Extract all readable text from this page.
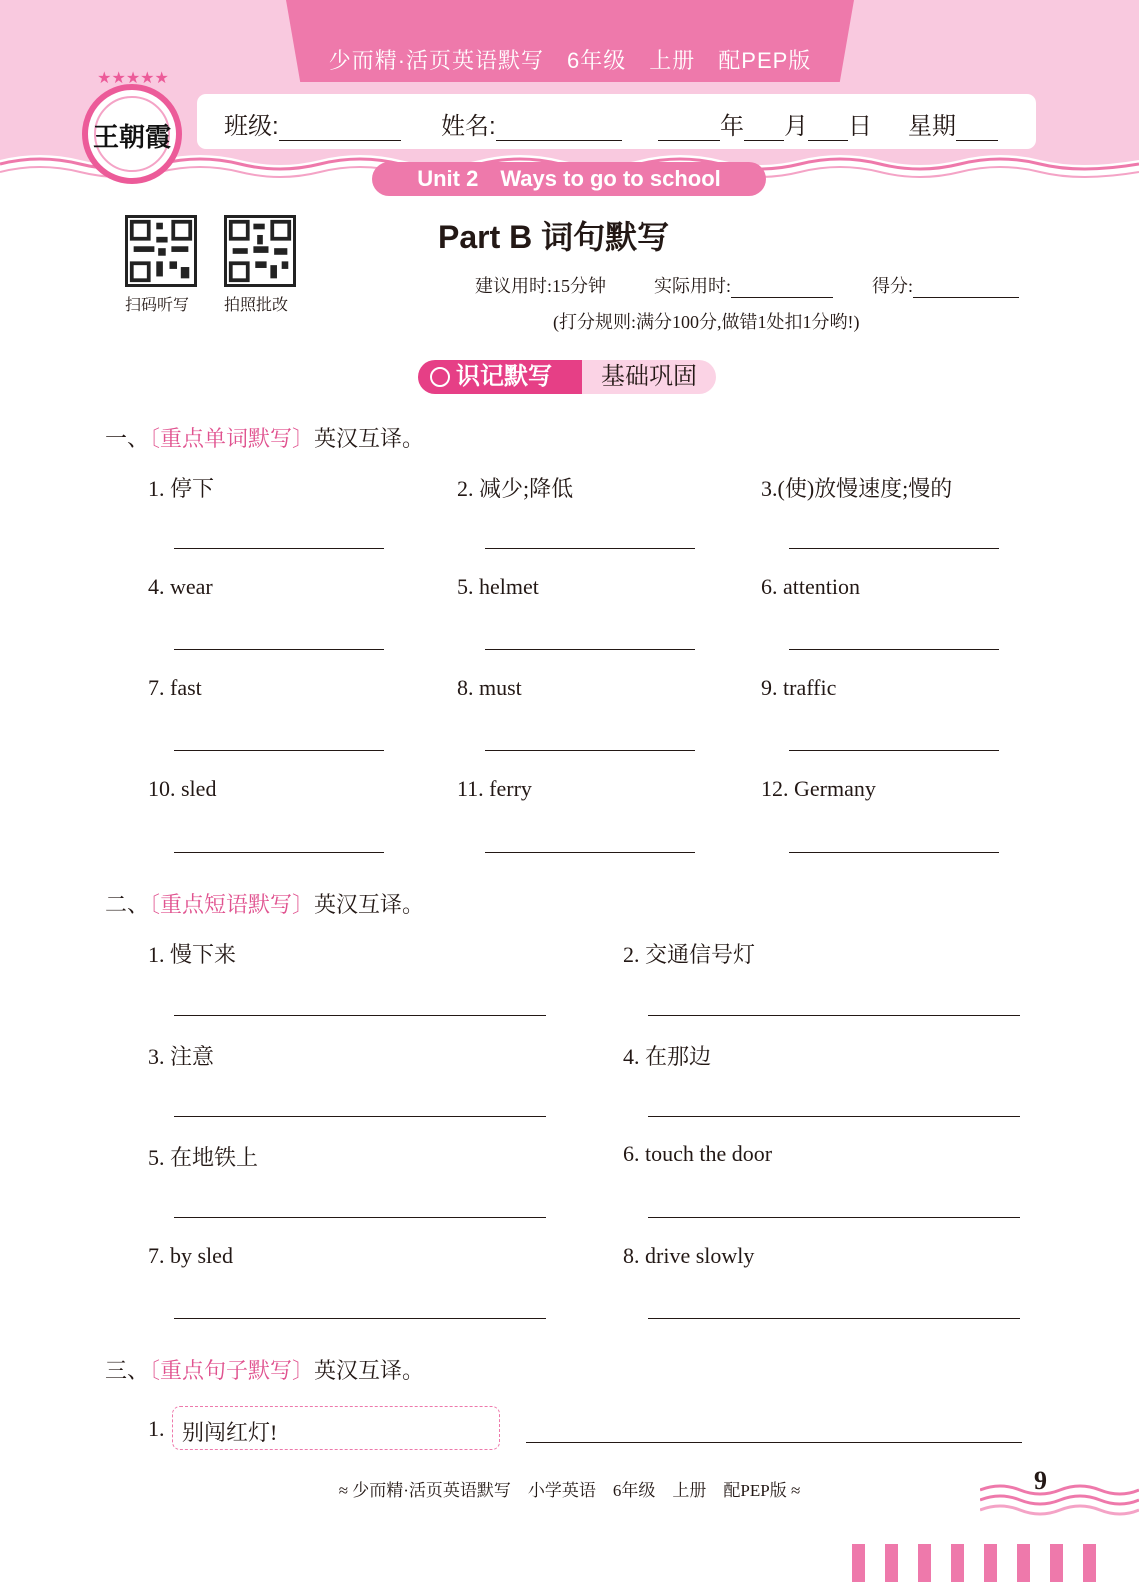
少而精·活页英语默写　6年级　上册　配PEP版
班级:	姓名:	年 月 日 星期
Unit 2　Ways to go to school
★★★★★
王朝霞
扫码听写 拍照批改
Part B 词句默写
建议用时:15分钟	实际用时:	得分:
(打分规则:满分100分,做错1处扣1分哟!)
识记默写	基础巩固
一、〔重点单词默写〕英汉互译。
1. 停下	2. 减少;降低	3.(使)放慢速度;慢的
4. wear	5. helmet	6. attention
7. fast	8. must	9. traffic
10. sled	11. ferry	12. Germany
二、〔重点短语默写〕英汉互译。
1. 慢下来	2. 交通信号灯
3. 注意	4. 在那边
5. 在地铁上	6. touch the door
7. by sled	8. drive slowly
三、〔重点句子默写〕英汉互译。
1. 别闯红灯!
≈ 少而精·活页英语默写　小学英语　6年级　上册　配PEP版 ≈	9
